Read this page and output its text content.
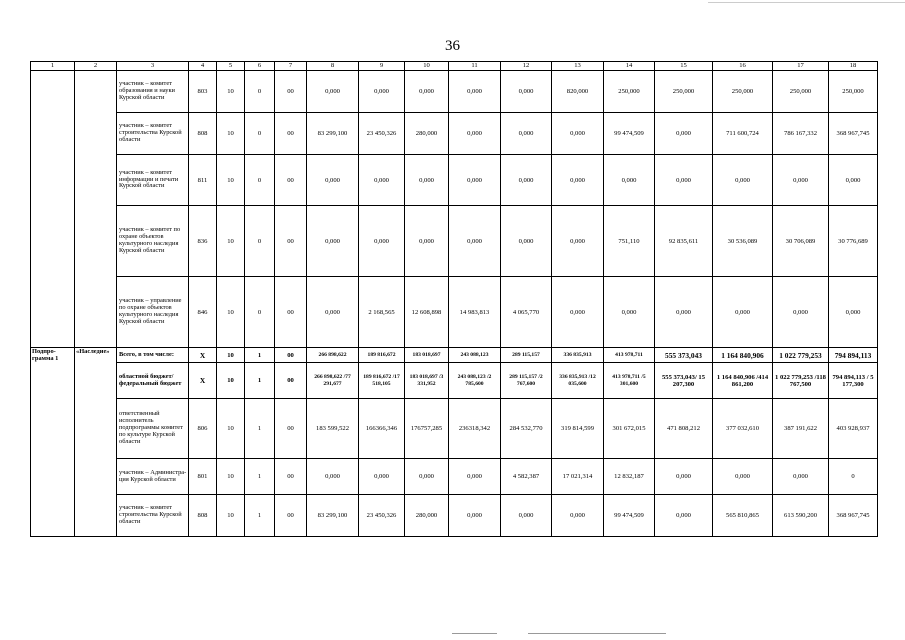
36
1	2	3	4	5	6	7	8	9	10	11	12	13	14	15	16	17	18
		участник – комитет образования и науки Курской области	803	10	0	00	0,000	0,000	0,000	0,000	0,000	820,000	250,000	250,000	250,000	250,000	250,000
		участник – комитет строительства Курской области	808	10	0	00	83 299,100	23 450,326	280,000	0,000	0,000	0,000	99 474,509	0,000	711 600,724	786 167,332	368 967,745
		участник – комитет информации и печати Курской области	811	10	0	00	0,000	0,000	0,000	0,000	0,000	0,000	0,000	0,000	0,000	0,000	0,000
		участник – комитет по охране объектов культурного наследия Курской области	836	10	0	00	0,000	0,000	0,000	0,000	0,000	0,000	751,110	92 835,611	30 536,089	30 706,089	30 776,689
		участник – управление по охране объектов культурного наследия Курской области	846	10	0	00	0,000	2 168,565	12 608,898	14 983,813	4 065,770	0,000	0,000	0,000	0,000	0,000	0,000
Подпро-грамма 1	«Наследие»	Всего, в том числе:	Х	10	1	00	266 898,622	189 816,672	183 018,697	243 088,123	289 115,157	336 835,913	413 978,711	555 373,043	1 164 840,906	1 022 779,253	794 894,113
		областной бюджет/ федеральный бюджет	Х	10	1	00	266 898,622 /77 291,677	189 816,672 /17 518,105	183 018,697 /3 331,952	243 088,123 /2 785,600	289 115,157 /2 767,600	336 835,913 /12 035,600	413 978,711 /5 301,600	555 373,043/ 15 207,300	1 164 840,906 /414 861,200	1 022 779,253 /118 767,500	794 894,113 / 5 177,300
		ответственный исполнитель подпрограммы комитет по культуре Курской области	806	10	1	00	183 599,522	166366,346	176757,285	236318,342	284 532,770	319 814,599	301 672,015	471 808,212	377 032,610	387 191,622	403 928,937
		участник – Администра-ция Курской области	801	10	1	00	0,000	0,000	0,000	0,000	4 582,387	17 021,314	12 832,187	0,000	0,000	0,000	0
		участник – комитет строительства Курской области	808	10	1	00	83 299,100	23 450,326	280,000	0,000	0,000	0,000	99 474,509	0,000	565 810,865	613 590,200	368 967,745
